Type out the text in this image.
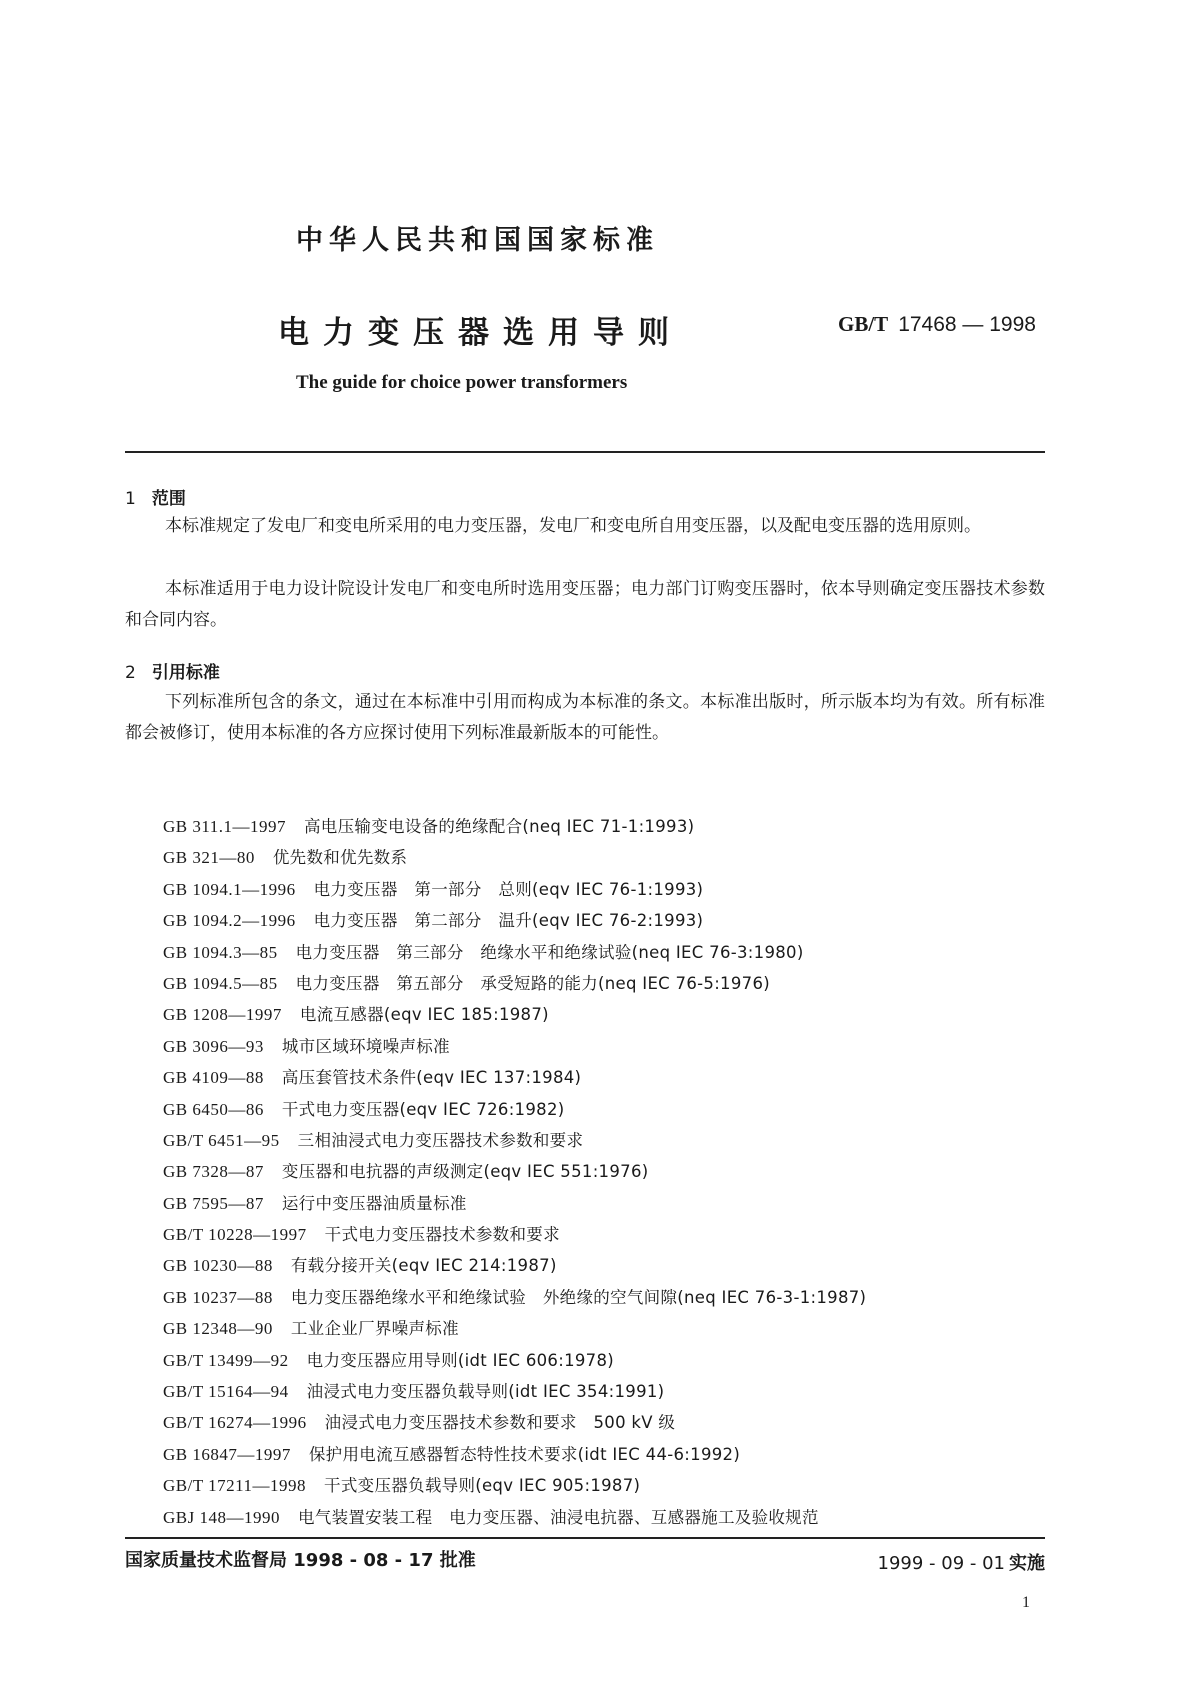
中华人民共和国国家标准
电力变压器选用导则	GB/T 17468 — 1998
The guide for choice power transformers
1 范围

本标准规定了发电厂和变电所采用的电力变压器，发电厂和变电所自用变压器，以及配电变压器的选用原则。

本标准适用于电力设计院设计发电厂和变电所时选用变压器；电力部门订购变压器时，依本导则确定变压器技术参数和合同内容。

2 引用标准

下列标准所包含的条文，通过在本标准中引用而构成为本标准的条文。本标准出版时，所示版本均为有效。所有标准都会被修订，使用本标准的各方应探讨使用下列标准最新版本的可能性。

GB 311.1—1997 高电压输变电设备的绝缘配合(neq IEC 71-1:1993)
GB 321—80 优先数和优先数系
GB 1094.1—1996 电力变压器　第一部分　总则(eqv IEC 76-1:1993)
GB 1094.2—1996 电力变压器　第二部分　温升(eqv IEC 76-2:1993)
GB 1094.3—85 电力变压器　第三部分　绝缘水平和绝缘试验(neq IEC 76-3:1980)
GB 1094.5—85 电力变压器　第五部分　承受短路的能力(neq IEC 76-5:1976)
GB 1208—1997 电流互感器(eqv IEC 185:1987)
GB 3096—93 城市区域环境噪声标准
GB 4109—88 高压套管技术条件(eqv IEC 137:1984)
GB 6450—86 干式电力变压器(eqv IEC 726:1982)
GB/T 6451—95 三相油浸式电力变压器技术参数和要求
GB 7328—87 变压器和电抗器的声级测定(eqv IEC 551:1976)
GB 7595—87 运行中变压器油质量标准
GB/T 10228—1997 干式电力变压器技术参数和要求
GB 10230—88 有载分接开关(eqv IEC 214:1987)
GB 10237—88 电力变压器绝缘水平和绝缘试验　外绝缘的空气间隙(neq IEC 76-3-1:1987)
GB 12348—90 工业企业厂界噪声标准
GB/T 13499—92 电力变压器应用导则(idt IEC 606:1978)
GB/T 15164—94 油浸式电力变压器负载导则(idt IEC 354:1991)
GB/T 16274—1996 油浸式电力变压器技术参数和要求　500 kV 级
GB 16847—1997 保护用电流互感器暂态特性技术要求(idt IEC 44-6:1992)
GB/T 17211—1998 干式变压器负载导则(eqv IEC 905:1987)
GBJ 148—1990 电气装置安装工程　电力变压器、油浸电抗器、互感器施工及验收规范
国家质量技术监督局 1998 - 08 - 17 批准	1999 - 09 - 01 实施
1
